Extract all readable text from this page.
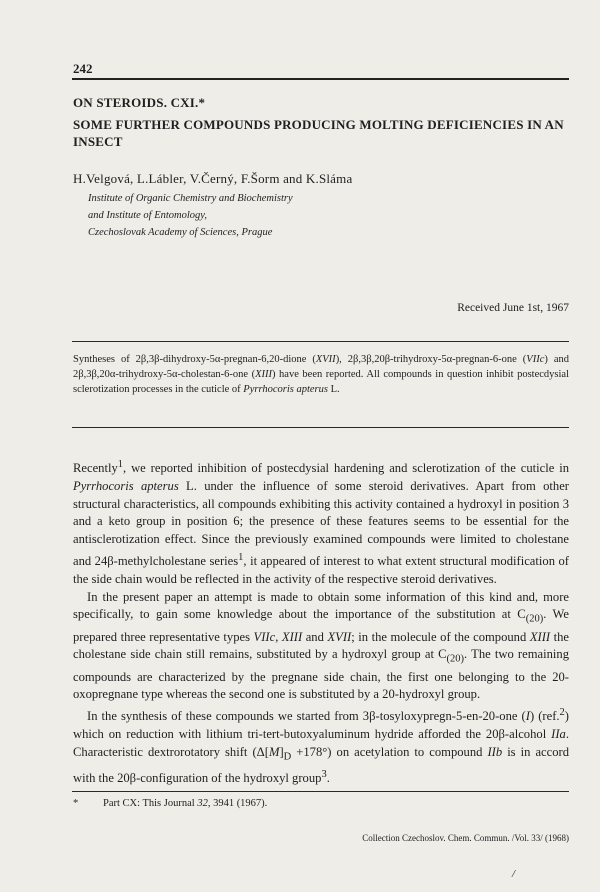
242
ON STEROIDS. CXI.*
SOME FURTHER COMPOUNDS PRODUCING MOLTING DEFICIENCIES IN AN INSECT
H.Velgová, L.Lábler, V.Černý, F.Šorm and K.Sláma
Institute of Organic Chemistry and Biochemistry
and Institute of Entomology,
Czechoslovak Academy of Sciences, Prague
Received June 1st, 1967
Syntheses of 2β,3β-dihydroxy-5α-pregnan-6,20-dione (XVII), 2β,3β,20β-trihydroxy-5α-pregnan-6-one (VIIc) and 2β,3β,20α-trihydroxy-5α-cholestan-6-one (XIII) have been reported. All compounds in question inhibit postecdysial sclerotization processes in the cuticle of Pyrrhocoris apterus L.

Recently$^1$, we reported inhibition of postecdysial hardening and sclerotization of the cuticle in Pyrrhocoris apterus L. under the influence of some steroid derivatives. Apart from other structural characteristics, all compounds exhibiting this activity contained a hydroxyl in position 3 and a keto group in position 6; the presence of these features seems to be essential for the antisclerotization effect. Since the previously examined compounds were limited to cholestane and 24β-methylcholestane series$^1$, it appeared of interest to what extent structural modification of the side chain would be reflected in the activity of the respective steroid derivatives.

In the present paper an attempt is made to obtain some information of this kind and, more specifically, to gain some knowledge about the importance of the substitution at $C_{(20)}$. We prepared three representative types VIIc, XIII and XVII; in the molecule of the compound XIII the cholestane side chain still remains, substituted by a hydroxyl group at $C_{(20)}$. The two remaining compounds are characterized by the pregnane side chain, the first one belonging to the 20-oxopregnane type whereas the second one is substituted by a 20-hydroxyl group.

In the synthesis of these compounds we started from 3β-tosyloxypregn-5-en-20-one (I) (ref.$^2$) which on reduction with lithium tri-tert-butoxyaluminum hydride afforded the 20β-alcohol IIa. Characteristic dextrorotatory shift $(\Delta[M]_D +178^\circ)$ on acetylation to compound IIb is in accord with the 20β-configuration of the hydroxyl group$^3$.

* Part CX: This Journal 32, 3941 (1967).
Collection Czechoslov. Chem. Commun. /Vol. 33/ (1968)
/
